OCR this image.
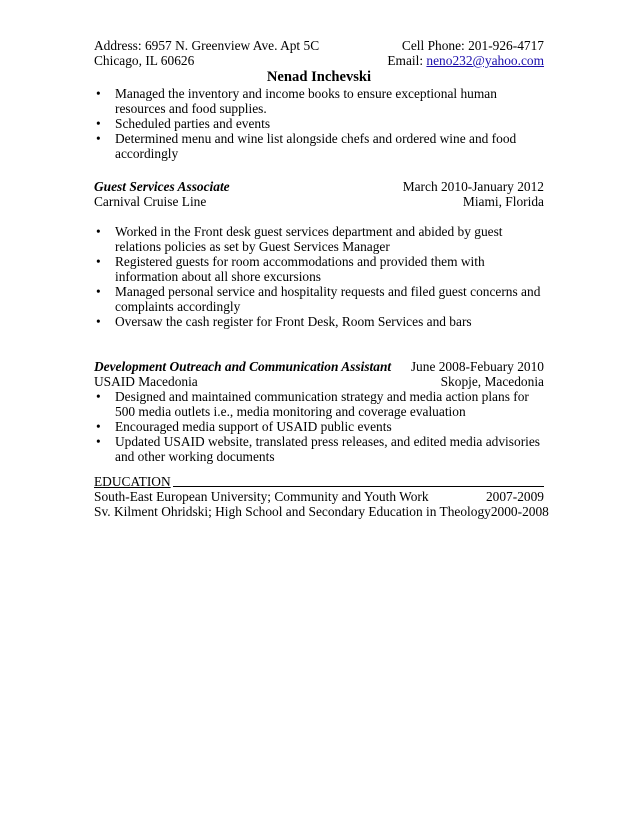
Address: 6957 N. Greenview Ave. Apt 5C	Cell Phone: 201-926-4717
Chicago, IL 60626	Email: neno232@yahoo.com
Nenad Inchevski
• Managed the inventory and income books to ensure exceptional human resources and food supplies.
• Scheduled parties and events
• Determined menu and wine list alongside chefs and ordered wine and food accordingly
Guest Services Associate	March 2010-January 2012
Carnival Cruise Line	Miami, Florida
• Worked in the Front desk guest services department and abided by guest relations policies as set by Guest Services Manager
• Registered guests for room accommodations and provided them with information about all shore excursions
• Managed personal service and hospitality requests and filed guest concerns and complaints accordingly
• Oversaw the cash register for Front Desk, Room Services and bars
Development Outreach and Communication Assistant June 2008-Febuary 2010
USAID Macedonia	Skopje, Macedonia
• Designed and maintained communication strategy and media action plans for 500 media outlets i.e., media monitoring and coverage evaluation
• Encouraged media support of USAID public events
• Updated USAID website, translated press releases, and edited media advisories and other working documents
EDUCATION
South-East European University; Community and Youth Work	2007-2009
Sv. Kilment Ohridski; High School and Secondary Education in Theology 2000-2008
